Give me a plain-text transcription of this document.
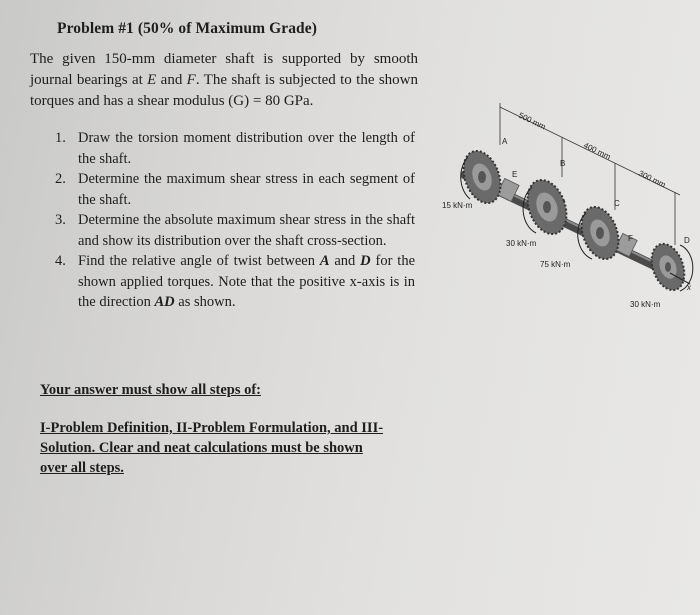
Problem #1 (50% of Maximum Grade)
The given 150-mm diameter shaft is supported by smooth journal bearings at E and F. The shaft is subjected to the shown torques and has a shear modulus (G) = 80 GPa.
1. Draw the torsion moment distribution over the length of the shaft.
2. Determine the maximum shear stress in each segment of the shaft.
3. Determine the absolute maximum shear stress in the shaft and show its distribution over the shaft cross-section.
4. Find the relative angle of twist between A and D for the shown applied torques. Note that the positive x-axis is in the direction AD as shown.
Your answer must show all steps of:
I-Problem Definition, II-Problem Formulation, and III-
Solution. Clear and neat calculations must be shown
over all steps.
500 mm
400 mm
300 mm
A
E
B
C
F	D
15 kN·m
30 kN·m
75 kN·m
30 kN·m
x
